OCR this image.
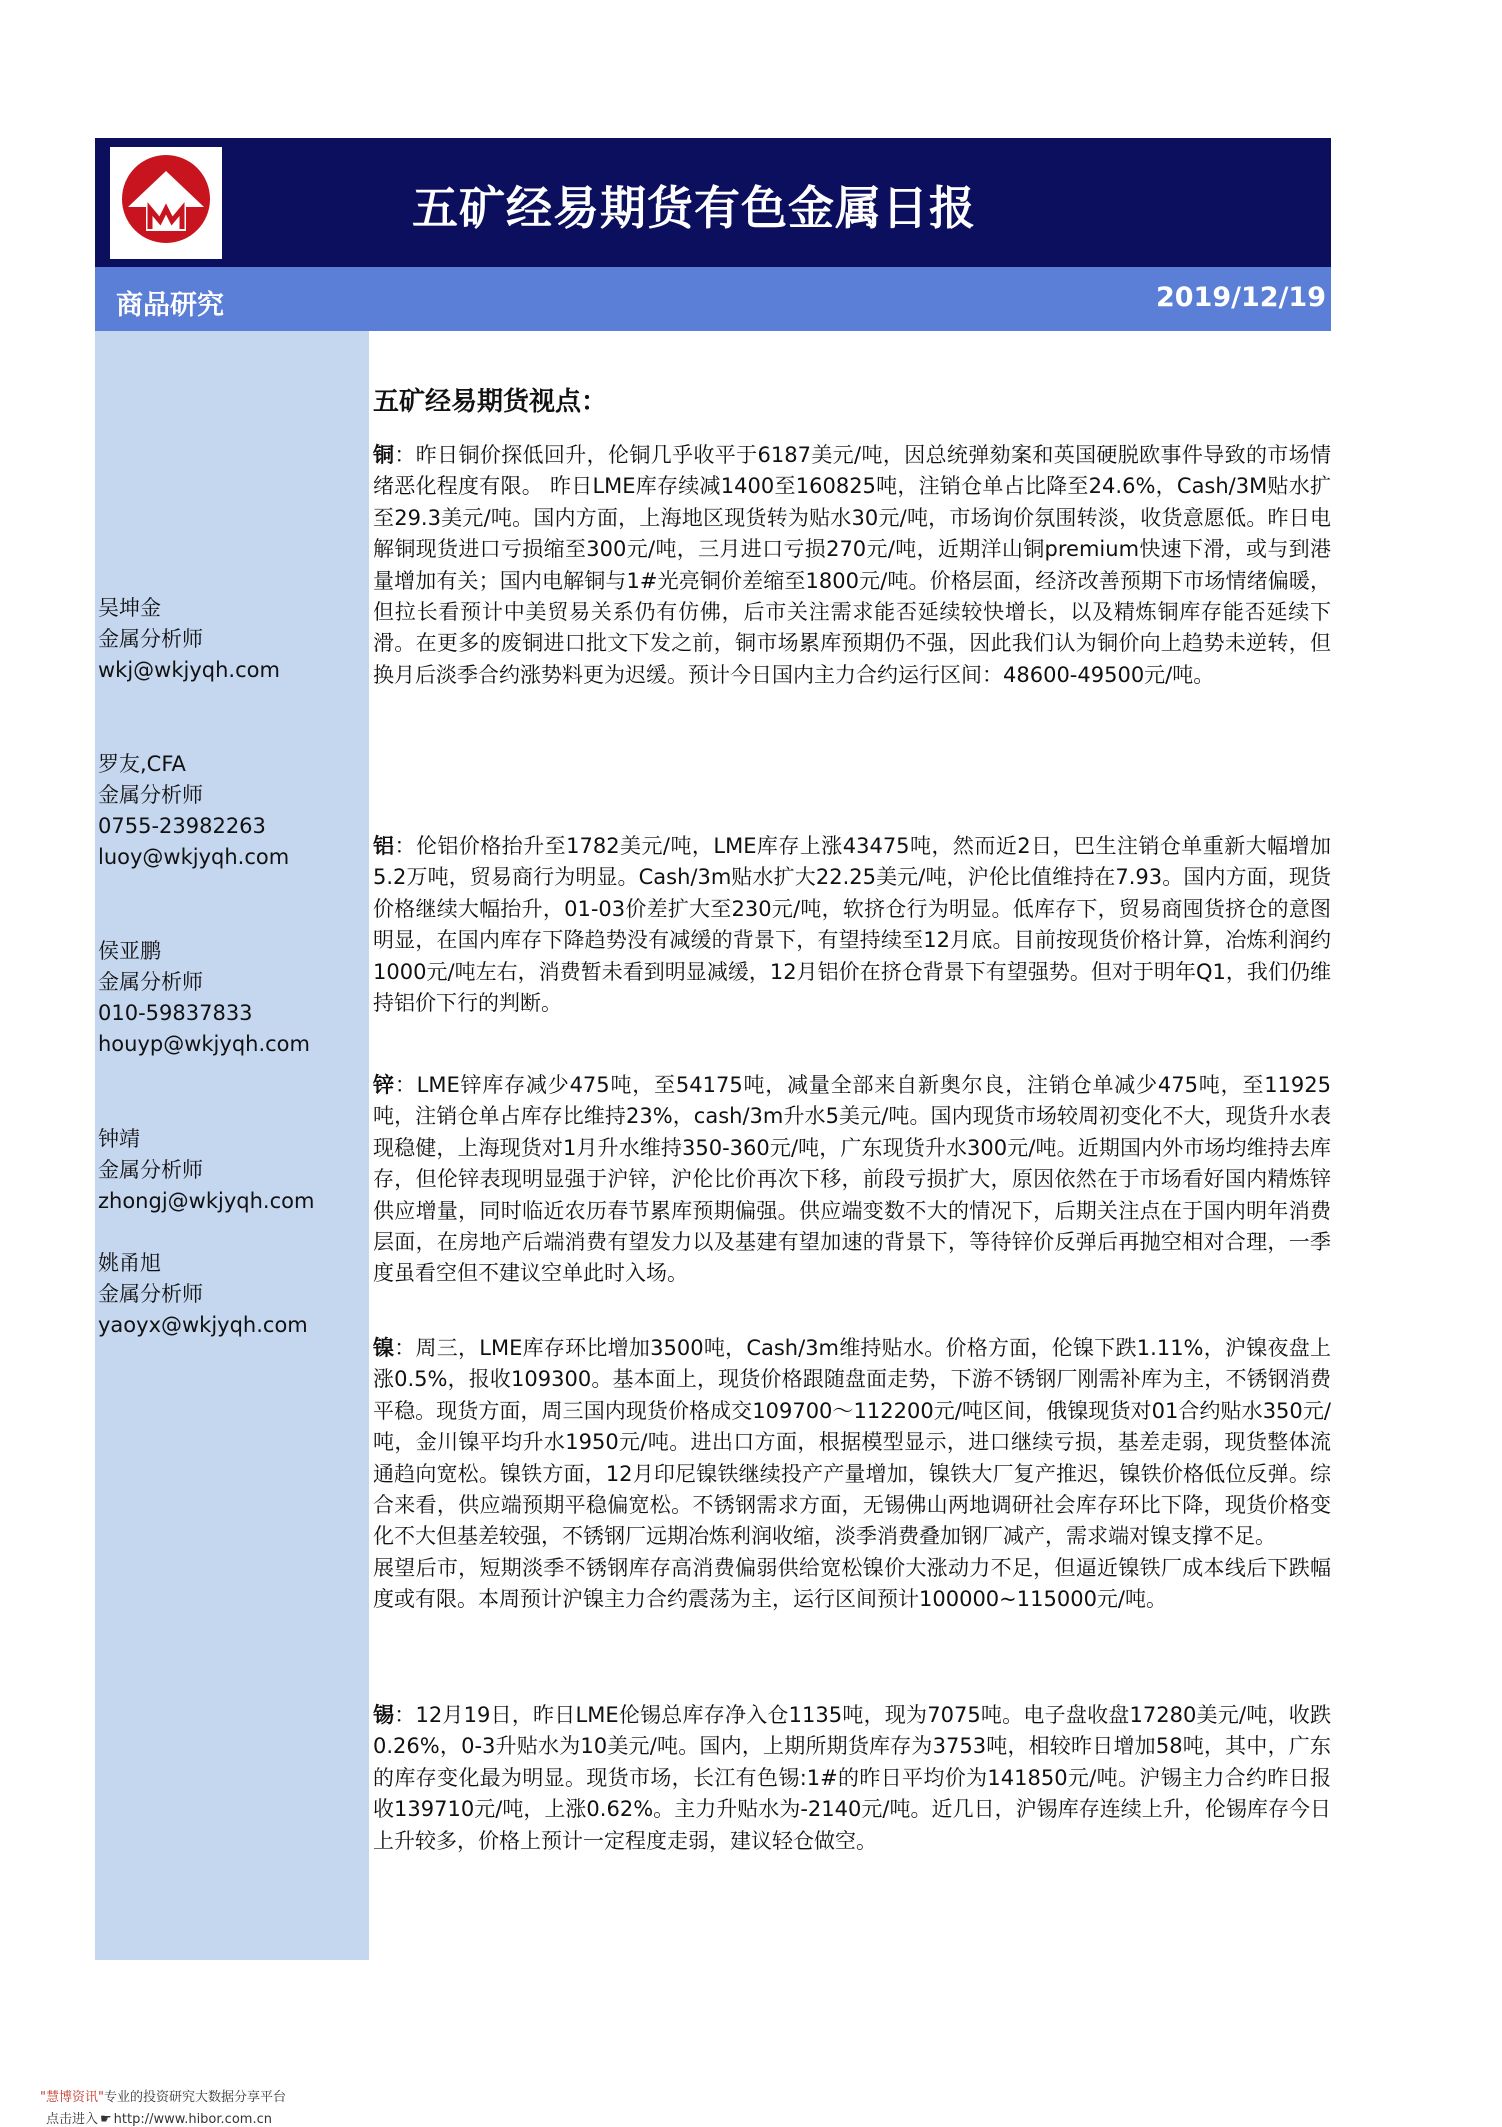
五矿经易期货有色金属日报
商品研究	2019/12/19
吴坤金
金属分析师
wkj@wkjyqh.com
罗友,CFA
金属分析师
0755-23982263
luoy@wkjyqh.com
侯亚鹏
金属分析师
010-59837833
houyp@wkjyqh.com
钟靖
金属分析师
zhongj@wkjyqh.com
姚甬旭
金属分析师
yaoyx@wkjyqh.com
五矿经易期货视点：
铜：昨日铜价探低回升，伦铜几乎收平于6187美元/吨，因总统弹劾案和英国硬脱欧事件导致的市场情绪恶化程度有限。 昨日LME库存续减1400至160825吨，注销仓单占比降至24.6%，Cash/3M贴水扩至29.3美元/吨。国内方面，上海地区现货转为贴水30元/吨，市场询价氛围转淡，收货意愿低。昨日电解铜现货进口亏损缩至300元/吨，三月进口亏损270元/吨，近期洋山铜premium快速下滑，或与到港量增加有关；国内电解铜与1#光亮铜价差缩至1800元/吨。价格层面，经济改善预期下市场情绪偏暖，但拉长看预计中美贸易关系仍有仿佛，后市关注需求能否延续较快增长，以及精炼铜库存能否延续下滑。在更多的废铜进口批文下发之前，铜市场累库预期仍不强，因此我们认为铜价向上趋势未逆转，但换月后淡季合约涨势料更为迟缓。预计今日国内主力合约运行区间：48600-49500元/吨。
铝：伦铝价格抬升至1782美元/吨，LME库存上涨43475吨，然而近2日，巴生注销仓单重新大幅增加5.2万吨，贸易商行为明显。Cash/3m贴水扩大22.25美元/吨，沪伦比值维持在7.93。国内方面，现货价格继续大幅抬升，01-03价差扩大至230元/吨，软挤仓行为明显。低库存下，贸易商囤货挤仓的意图明显，在国内库存下降趋势没有减缓的背景下，有望持续至12月底。目前按现货价格计算，冶炼利润约1000元/吨左右，消费暂未看到明显减缓，12月铝价在挤仓背景下有望强势。但对于明年Q1，我们仍维持铝价下行的判断。
锌：LME锌库存减少475吨，至54175吨，减量全部来自新奥尔良，注销仓单减少475吨，至11925吨，注销仓单占库存比维持23%，cash/3m升水5美元/吨。国内现货市场较周初变化不大，现货升水表现稳健，上海现货对1月升水维持350-360元/吨，广东现货升水300元/吨。近期国内外市场均维持去库存，但伦锌表现明显强于沪锌，沪伦比价再次下移，前段亏损扩大，原因依然在于市场看好国内精炼锌供应增量，同时临近农历春节累库预期偏强。供应端变数不大的情况下，后期关注点在于国内明年消费层面，在房地产后端消费有望发力以及基建有望加速的背景下，等待锌价反弹后再抛空相对合理，一季度虽看空但不建议空单此时入场。
镍：周三，LME库存环比增加3500吨，Cash/3m维持贴水。价格方面，伦镍下跌1.11%，沪镍夜盘上涨0.5%，报收109300。基本面上，现货价格跟随盘面走势，下游不锈钢厂刚需补库为主，不锈钢消费平稳。现货方面，周三国内现货价格成交109700～112200元/吨区间，俄镍现货对01合约贴水350元/吨，金川镍平均升水1950元/吨。进出口方面，根据模型显示，进口继续亏损，基差走弱，现货整体流通趋向宽松。镍铁方面，12月印尼镍铁继续投产产量增加，镍铁大厂复产推迟，镍铁价格低位反弹。综合来看，供应端预期平稳偏宽松。不锈钢需求方面，无锡佛山两地调研社会库存环比下降，现货价格变化不大但基差较强，不锈钢厂远期冶炼利润收缩，淡季消费叠加钢厂减产，需求端对镍支撑不足。
展望后市，短期淡季不锈钢库存高消费偏弱供给宽松镍价大涨动力不足，但逼近镍铁厂成本线后下跌幅度或有限。本周预计沪镍主力合约震荡为主，运行区间预计100000~115000元/吨。
锡：12月19日，昨日LME伦锡总库存净入仓1135吨，现为7075吨。电子盘收盘17280美元/吨，收跌0.26%，0-3升贴水为10美元/吨。国内，上期所期货库存为3753吨，相较昨日增加58吨，其中，广东的库存变化最为明显。现货市场，长江有色锡:1#的昨日平均价为141850元/吨。沪锡主力合约昨日报收139710元/吨，上涨0.62%。主力升贴水为-2140元/吨。近几日，沪锡库存连续上升，伦锡库存今日上升较多，价格上预计一定程度走弱，建议轻仓做空。
"慧博资讯"专业的投资研究大数据分享平台
点击进入 ☛ http://www.hibor.com.cn
